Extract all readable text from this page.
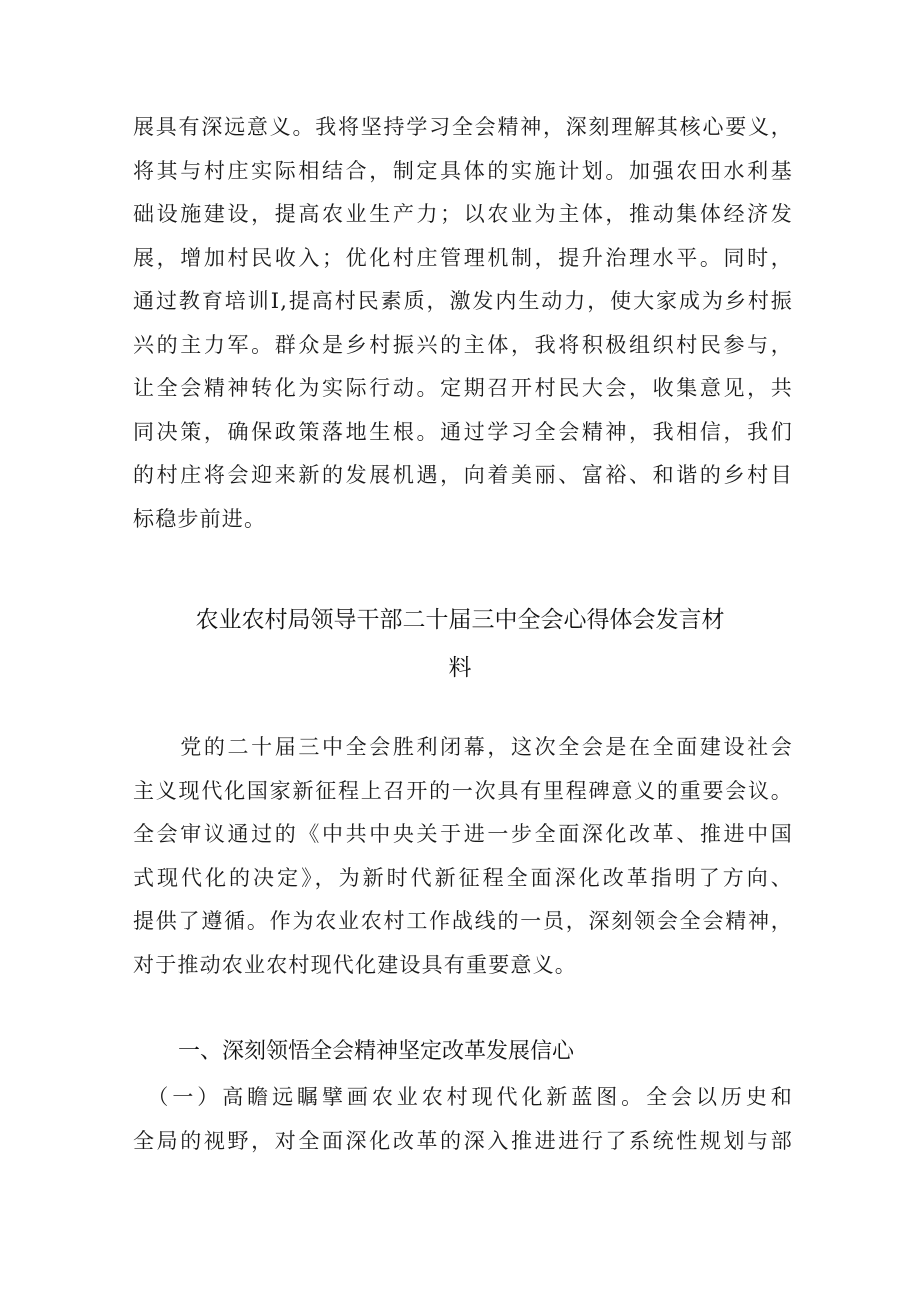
展具有深远意义。我将坚持学习全会精神，深刻理解其核心要义，
将其与村庄实际相结合，制定具体的实施计划。加强农田水利基
础设施建设，提高农业生产力；以农业为主体，推动集体经济发
展，增加村民收入；优化村庄管理机制，提升治理水平。同时，
通过教育培训I,提高村民素质，激发内生动力，使大家成为乡村振
兴的主力军。群众是乡村振兴的主体，我将积极组织村民参与，
让全会精神转化为实际行动。定期召开村民大会，收集意见，共
同决策，确保政策落地生根。通过学习全会精神，我相信，我们
的村庄将会迎来新的发展机遇，向着美丽、富裕、和谐的乡村目
标稳步前进。
农业农村局领导干部二十届三中全会心得体会发言材
料
　　党的二十届三中全会胜利闭幕，这次全会是在全面建设社会
主义现代化国家新征程上召开的一次具有里程碑意义的重要会议。
全会审议通过的《中共中央关于进一步全面深化改革、推进中国
式现代化的决定》，为新时代新征程全面深化改革指明了方向、
提供了遵循。作为农业农村工作战线的一员，深刻领会全会精神，
对于推动农业农村现代化建设具有重要意义。
一、深刻领悟全会精神坚定改革发展信心
　（一）高瞻远瞩擘画农业农村现代化新蓝图。全会以历史和
全局的视野，对全面深化改革的深入推进进行了系统性规划与部
